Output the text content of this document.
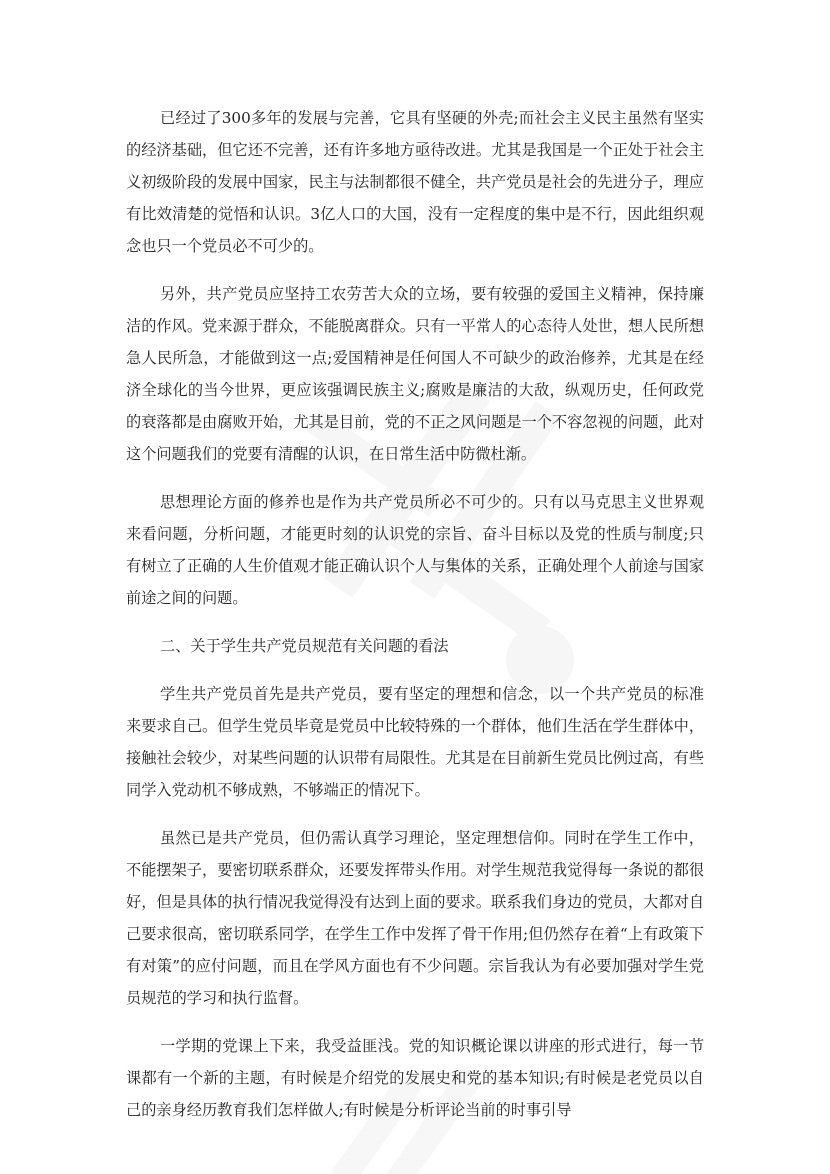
已经过了300多年的发展与完善，它具有坚硬的外壳;而社会主义民主虽然有坚实的经济基础，但它还不完善，还有许多地方亟待改进。尤其是我国是一个正处于社会主义初级阶段的发展中国家，民主与法制都很不健全，共产党员是社会的先进分子，理应有比效清楚的觉悟和认识。3亿人口的大国，没有一定程度的集中是不行，因此组织观念也只一个党员必不可少的。

另外，共产党员应坚持工农劳苦大众的立场，要有较强的爱国主义精神，保持廉洁的作风。党来源于群众，不能脱离群众。只有一平常人的心态待人处世，想人民所想急人民所急，才能做到这一点;爱国精神是任何国人不可缺少的政治修养，尤其是在经济全球化的当今世界，更应该强调民族主义;腐败是廉洁的大敌，纵观历史，任何政党的衰落都是由腐败开始，尤其是目前，党的不正之风问题是一个不容忽视的问题，此对这个问题我们的党要有清醒的认识，在日常生活中防微杜渐。

思想理论方面的修养也是作为共产党员所必不可少的。只有以马克思主义世界观来看问题，分析问题，才能更时刻的认识党的宗旨、奋斗目标以及党的性质与制度;只有树立了正确的人生价值观才能正确认识个人与集体的关系，正确处理个人前途与国家前途之间的问题。

二、关于学生共产党员规范有关问题的看法

学生共产党员首先是共产党员，要有坚定的理想和信念，以一个共产党员的标准来要求自己。但学生党员毕竟是党员中比较特殊的一个群体，他们生活在学生群体中，接触社会较少，对某些问题的认识带有局限性。尤其是在目前新生党员比例过高，有些同学入党动机不够成熟，不够端正的情况下。

虽然已是共产党员，但仍需认真学习理论，坚定理想信仰。同时在学生工作中，不能摆架子，要密切联系群众，还要发挥带头作用。对学生规范我觉得每一条说的都很好，但是具体的执行情况我觉得没有达到上面的要求。联系我们身边的党员，大都对自己要求很高，密切联系同学，在学生工作中发挥了骨干作用;但仍然存在着“上有政策下有对策”的应付问题，而且在学风方面也有不少问题。宗旨我认为有必要加强对学生党员规范的学习和执行监督。

一学期的党课上下来，我受益匪浅。党的知识概论课以讲座的形式进行，每一节课都有一个新的主题，有时候是介绍党的发展史和党的基本知识;有时候是老党员以自己的亲身经历教育我们怎样做人;有时候是分析评论当前的时事引导
